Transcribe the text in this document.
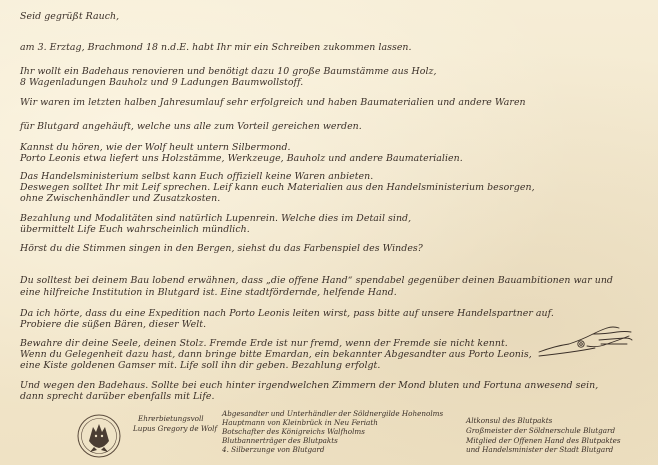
Seid gegrüßt Rauch,
am 3. Erztag, Brachmond 18 n.d.E. habt Ihr mir ein Schreiben zukommen lassen.
Ihr wollt ein Badehaus renovieren und benötigt dazu 10 große Baumstämme aus Holz,
8 Wagenladungen Bauholz und 9 Ladungen Baumwollstoff.
Wir waren im letzten halben Jahresumlauf sehr erfolgreich und haben Baumaterialien und andere Waren
für Blutgard angehäuft, welche uns alle zum Vorteil gereichen werden.
Kannst du hören, wie der Wolf heult untern Silbermond.
Porto Leonis etwa liefert uns Holzstämme, Werkzeuge, Bauholz und andere Baumaterialien.
Das Handelsministerium selbst kann Euch offiziell keine Waren anbieten.
Deswegen solltet Ihr mit Leif sprechen. Leif kann euch Materialien aus den Handelsministerium besorgen,
ohne Zwischenhändler und Zusatzkosten.
Bezahlung und Modalitäten sind natürlich Lupenrein. Welche dies im Detail sind,
übermittelt Life Euch wahrscheinlich mündlich.
Hörst du die Stimmen singen in den Bergen, siehst du das Farbenspiel des Windes?
Du solltest bei deinem Bau lobend erwähnen, dass „die offene Hand“ spendabel gegenüber deinen Bauambitionen war und
eine hilfreiche Institution in Blutgard ist. Eine stadtfördernde, helfende Hand.
Da ich hörte, dass du eine Expedition nach Porto Leonis leiten wirst, pass bitte auf unsere Handelspartner auf.
Probiere die süßen Bären, dieser Welt.
Bewahre dir deine Seele, deinen Stolz. Fremde Erde ist nur fremd, wenn der Fremde sie nicht kennt.
Wenn du Gelegenheit dazu hast, dann bringe bitte Emardan, ein bekannter Abgesandter aus Porto Leonis,
eine Kiste goldenen Gamser mit. Life soll ihn dir geben. Bezahlung erfolgt.
Und wegen den Badehaus. Sollte bei euch hinter irgendwelchen Zimmern der Mond bluten und Fortuna anwesend sein,
dann sprecht darüber ebenfalls mit Life.
Ehrerbietungsvoll
Lupus Gregory de Wolf
Abgesandter und Unterhändler der Söldnergilde Hohenolms
Hauptmann von Kleinbrück in Neu Feriath
Botschafter des Königreichs Walfholms
Blutbannerträger des Blutpakts
4. Silberzunge von Blutgard
Altkonsul des Blutpakts
Großmeister der Söldnerschule Blutgard
Mitglied der Offenen Hand des Blutpaktes
und Handelsminister der Stadt Blutgard
